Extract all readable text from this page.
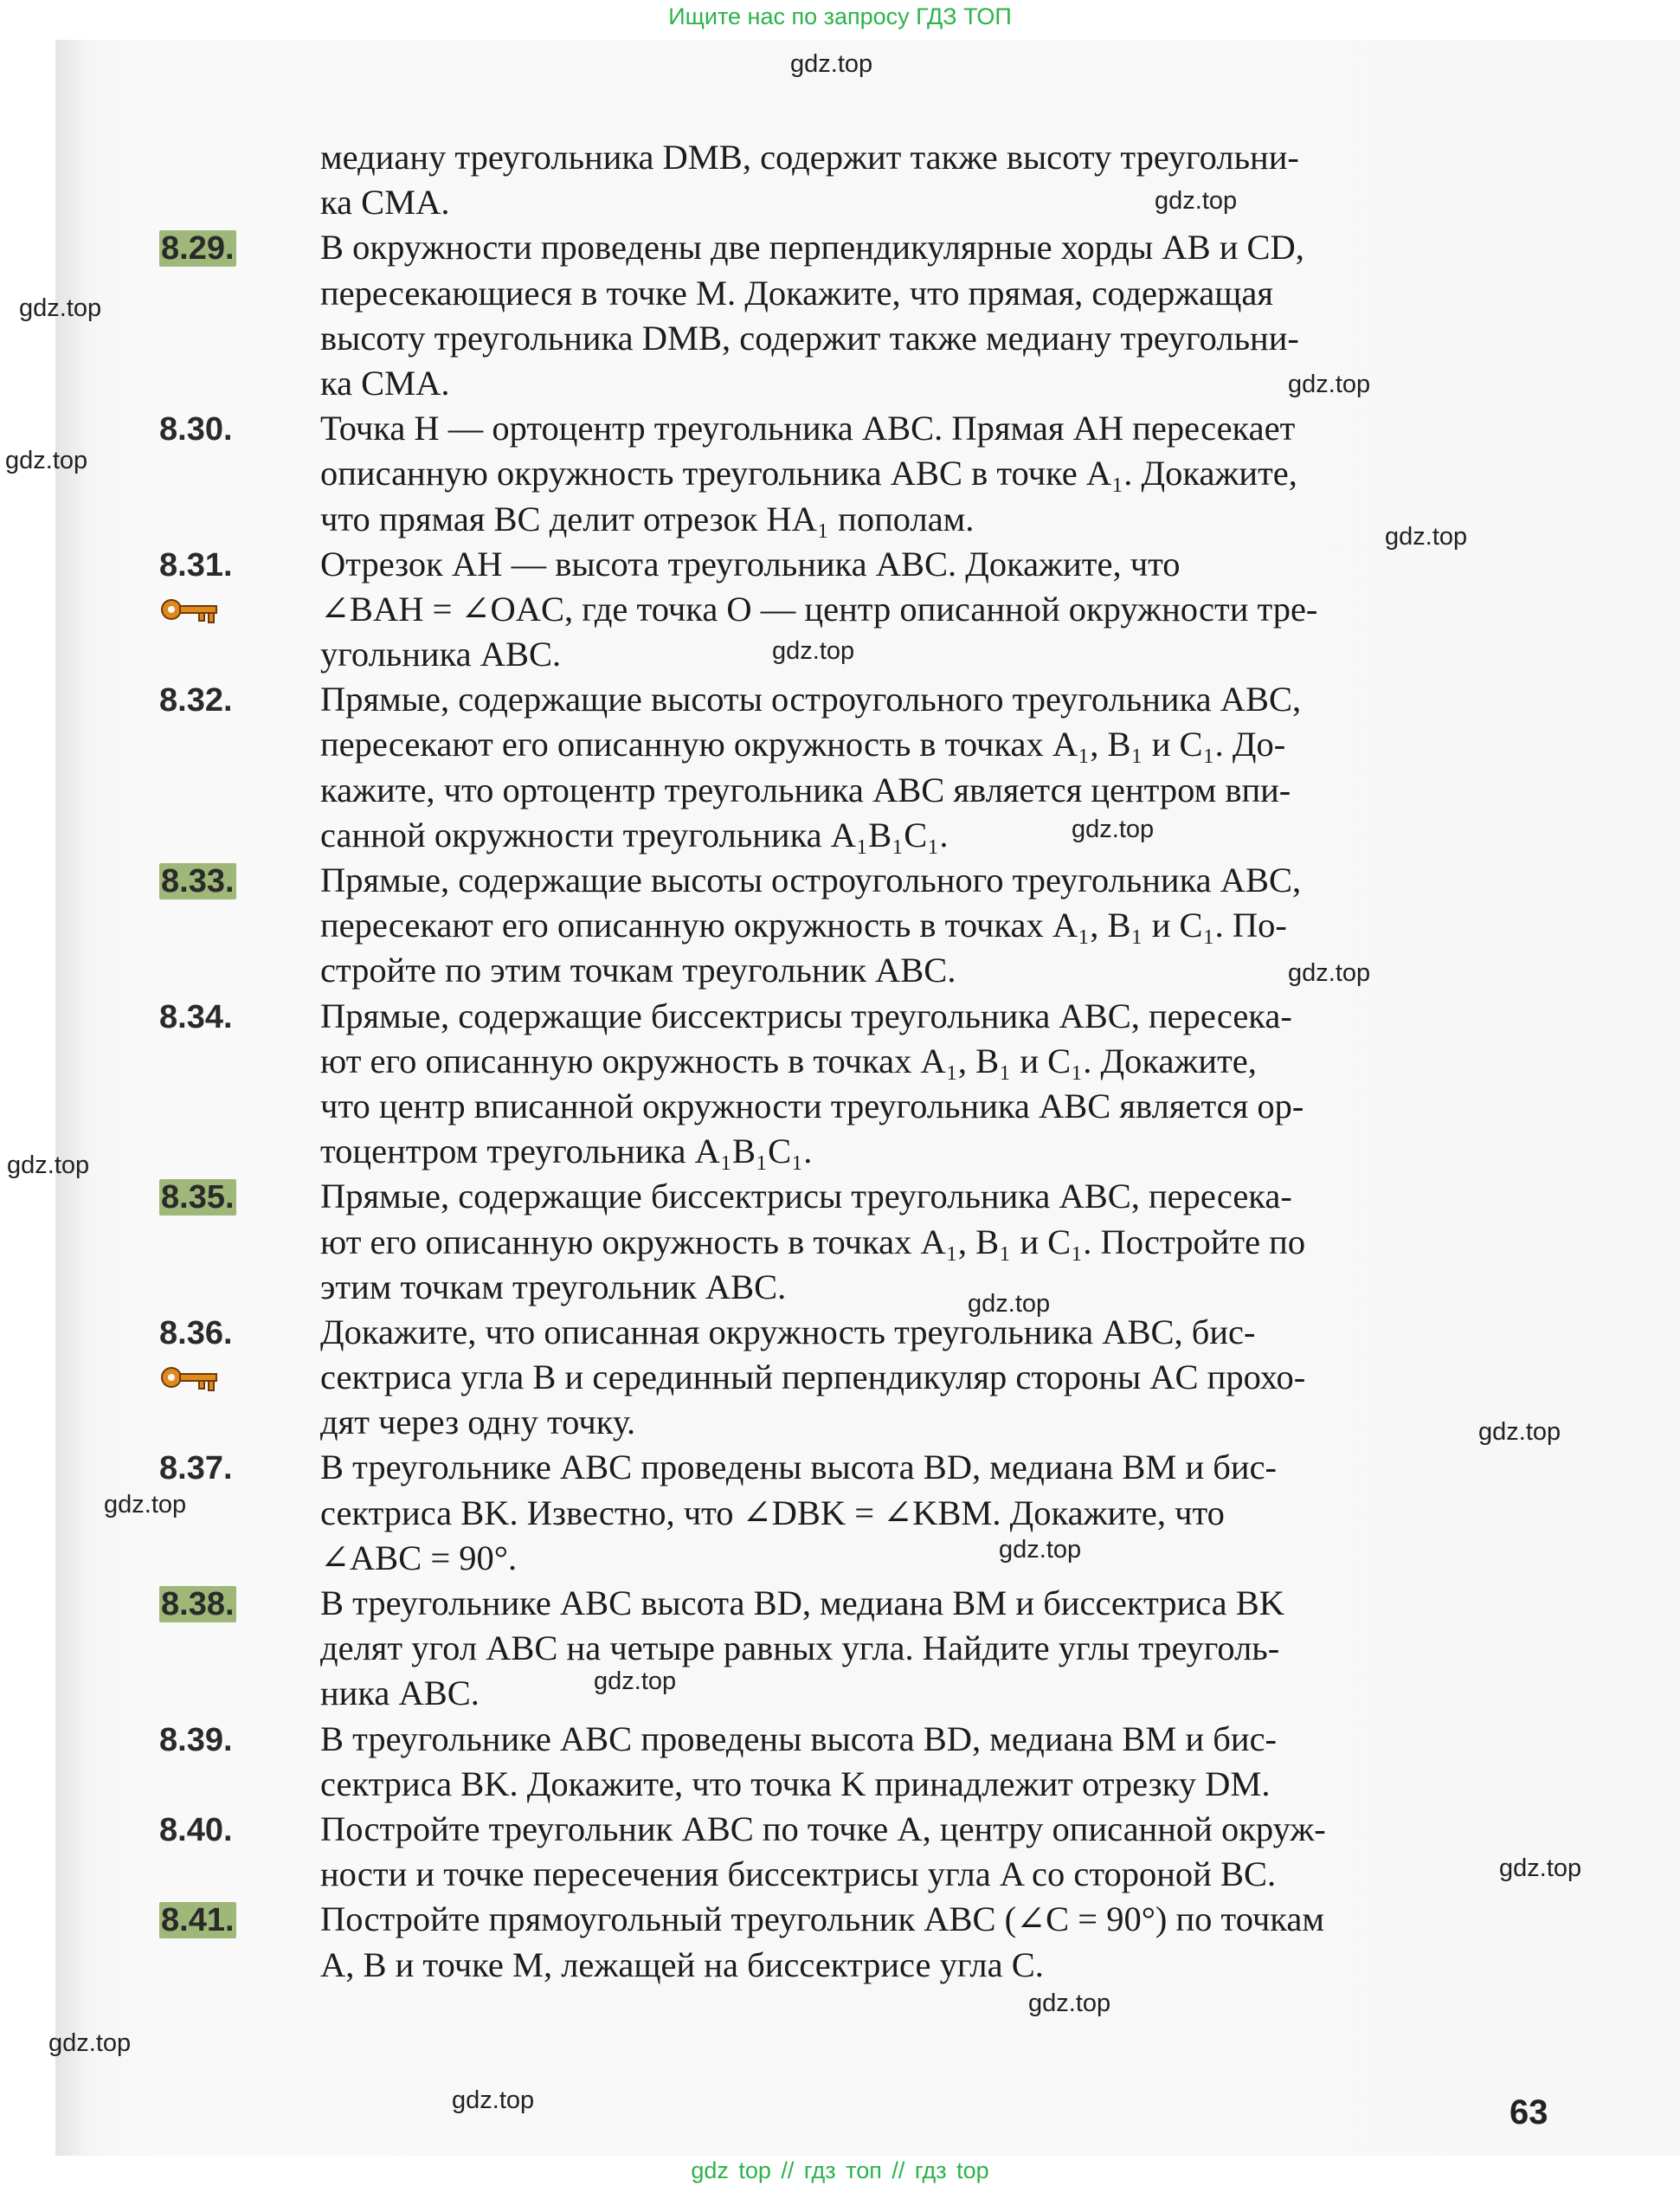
Ищите нас по запросу ГДЗ ТОП
медиану треугольника DMB, содержит также высоту треугольни-
ка CMA.
8.29. В окружности проведены две перпендикулярные хорды AB и CD,
пересекающиеся в точке M. Докажите, что прямая, содержащая
высоту треугольника DMB, содержит также медиану треугольни-
ка CMA.
8.30.	Точка H — ортоцентр треугольника ABC. Прямая AH пересекает
описанную окружность треугольника ABC в точке A₁. Докажите,
что прямая BC делит отрезок HA₁ пополам.
8.31.	Отрезок AH — высота треугольника ABC. Докажите, что
∠BAH = ∠OAC, где точка O — центр описанной окружности тре-
угольника ABC.
8.32.	Прямые, содержащие высоты остроугольного треугольника ABC,
пересекают его описанную окружность в точках A₁, B₁ и C₁. До-
кажите, что ортоцентр треугольника ABC является центром впи-
санной окружности треугольника A₁B₁C₁.
8.33. Прямые, содержащие высоты остроугольного треугольника ABC,
пересекают его описанную окружность в точках A₁, B₁ и C₁. По-
стройте по этим точкам треугольник ABC.
8.34.	Прямые, содержащие биссектрисы треугольника ABC, пересека-
ют его описанную окружность в точках A₁, B₁ и C₁. Докажите,
что центр вписанной окружности треугольника ABC является ор-
тоцентром треугольника A₁B₁C₁.
8.35. Прямые, содержащие биссектрисы треугольника ABC, пересека-
ют его описанную окружность в точках A₁, B₁ и C₁. Постройте по
этим точкам треугольник ABC.
8.36.	Докажите, что описанная окружность треугольника ABC, бис-
сектриса угла B и серединный перпендикуляр стороны AC прохо-
дят через одну точку.
8.37.	В треугольнике ABC проведены высота BD, медиана BM и бис-
сектриса BK. Известно, что ∠DBK = ∠KBM. Докажите, что
∠ABC = 90°.
8.38. В треугольнике ABC высота BD, медиана BM и биссектриса BK
делят угол ABC на четыре равных угла. Найдите углы треуголь-
ника ABC.
8.39.	В треугольнике ABC проведены высота BD, медиана BM и бис-
сектриса BK. Докажите, что точка K принадлежит отрезку DM.
8.40.	Постройте треугольник ABC по точке A, центру описанной окруж-
ности и точке пересечения биссектрисы угла A со стороной BC.
8.41. Постройте прямоугольный треугольник ABC (∠C = 90°) по точкам
A, B и точке M, лежащей на биссектрисе угла C.
63
gdz.top
gdz.top
gdz.top
gdz.top
gdz.top
gdz.top
gdz.top
gdz.top
gdz.top
gdz.top
gdz.top
gdz.top
gdz.top
gdz.top
gdz.top
gdz.top
gdz.top
gdz.top
gdz.top
gdz top // гдз топ // гдз top
